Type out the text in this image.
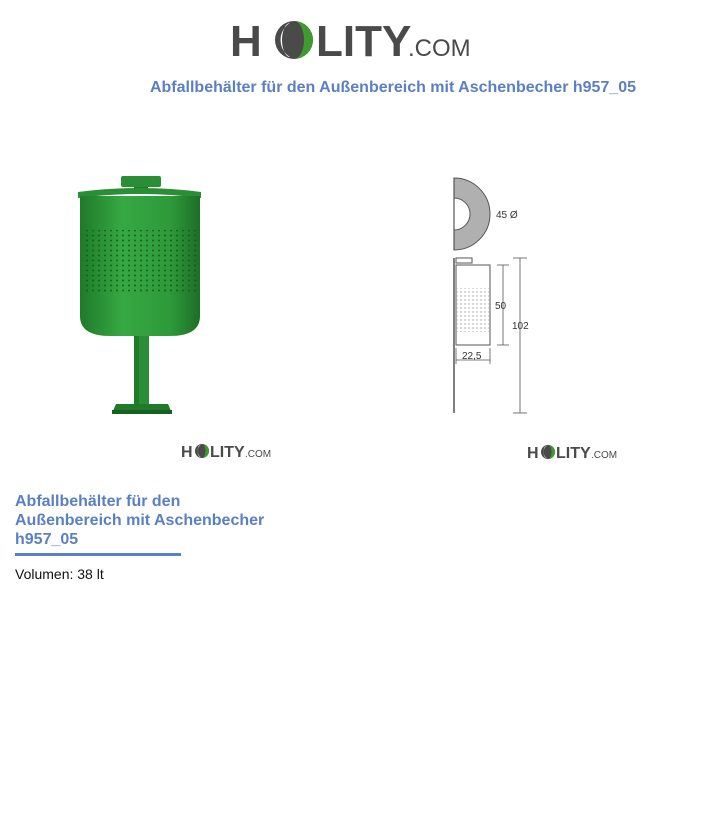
H LITY
.COM
Abfallbehälter für den Außenbereich mit Aschenbecher h957_05
45 Ø
50
102
22,5
H LITY .COM	H LITY .COM
Abfallbehälter für den Außenbereich mit Aschenbecher h957_05

Volumen: 38 lt
